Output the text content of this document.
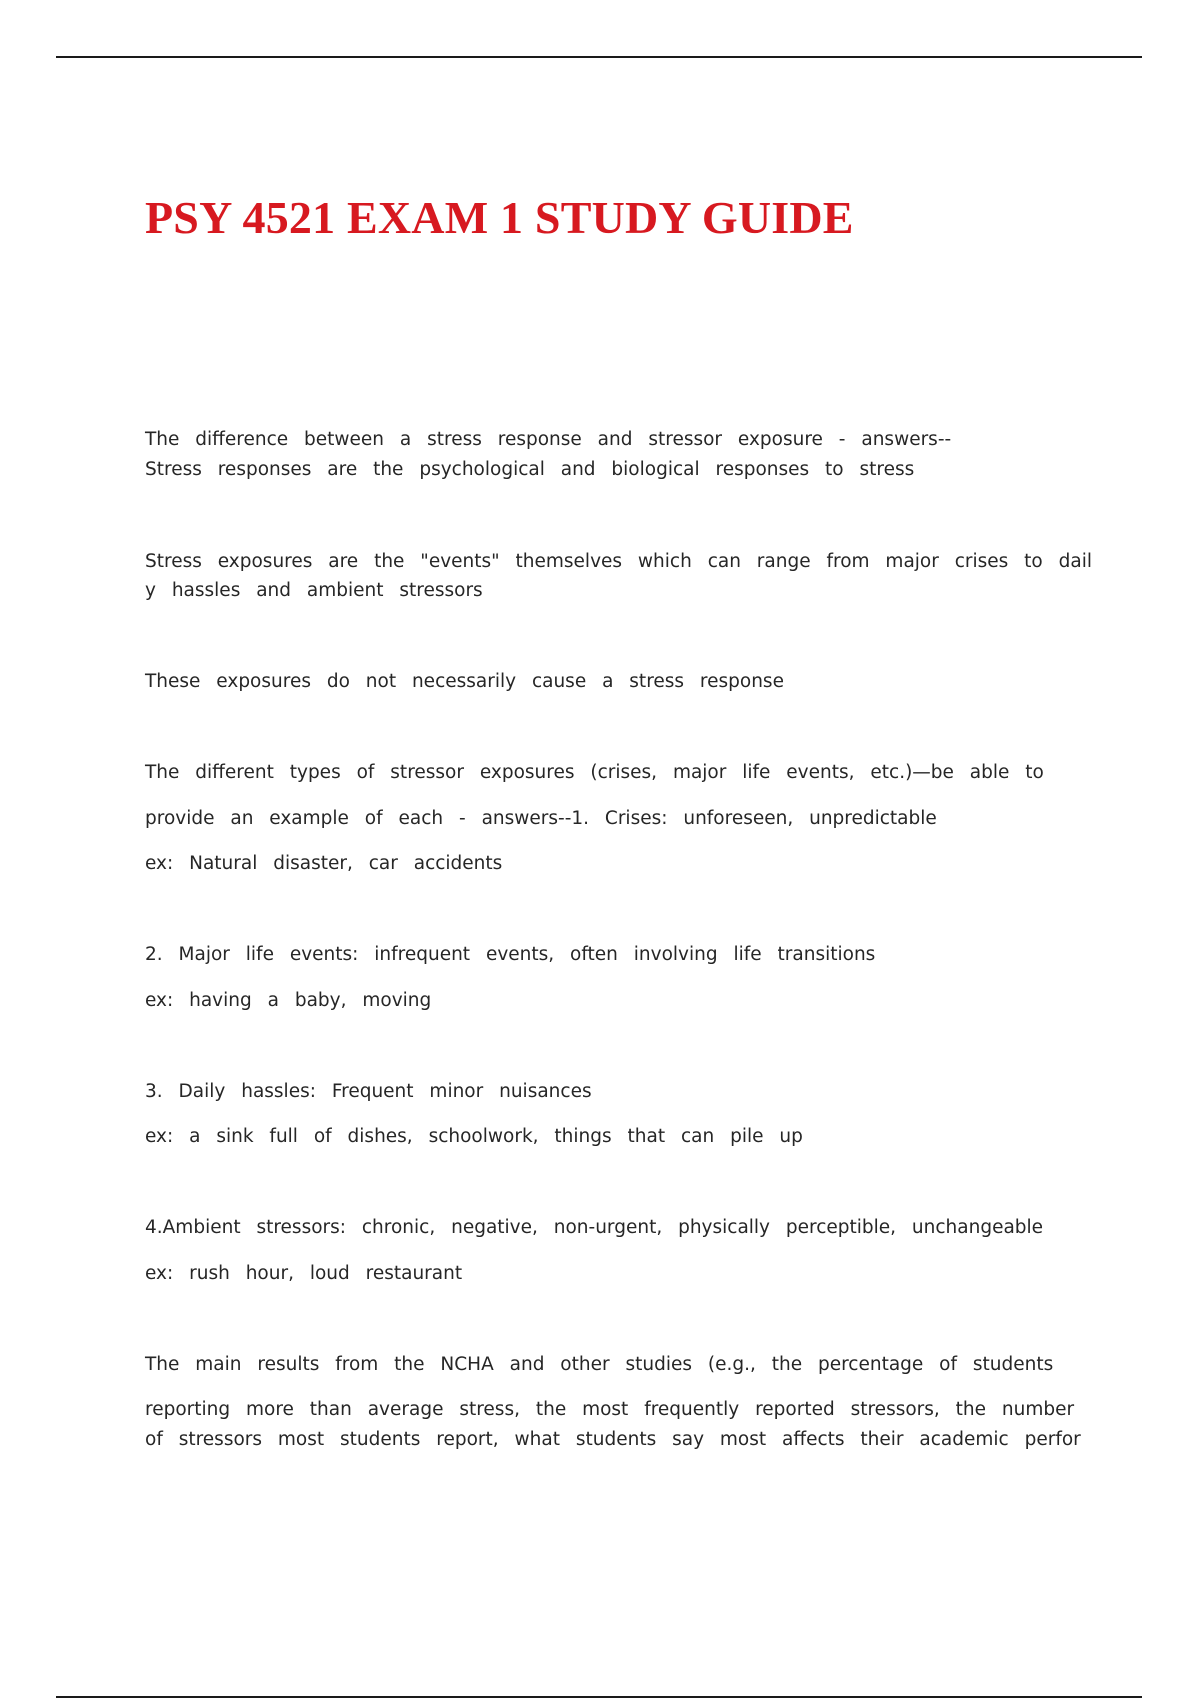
PSY 4521 EXAM 1 STUDY GUIDE

The difference between a stress response and stressor exposure - answers--

Stress responses are the psychological and biological responses to stress

Stress exposures are the "events" themselves which can range from major crises to dail

y hassles and ambient stressors

These exposures do not necessarily cause a stress response

The different types of stressor exposures (crises, major life events, etc.)—be able to

provide an example of each - answers--1. Crises: unforeseen, unpredictable

ex: Natural disaster, car accidents

2. Major life events: infrequent events, often involving life transitions

ex: having a baby, moving

3. Daily hassles: Frequent minor nuisances

ex: a sink full of dishes, schoolwork, things that can pile up

4.Ambient stressors: chronic, negative, non-urgent, physically perceptible, unchangeable

ex: rush hour, loud restaurant

The main results from the NCHA and other studies (e.g., the percentage of students

reporting more than average stress, the most frequently reported stressors, the number

of stressors most students report, what students say most affects their academic perfor
